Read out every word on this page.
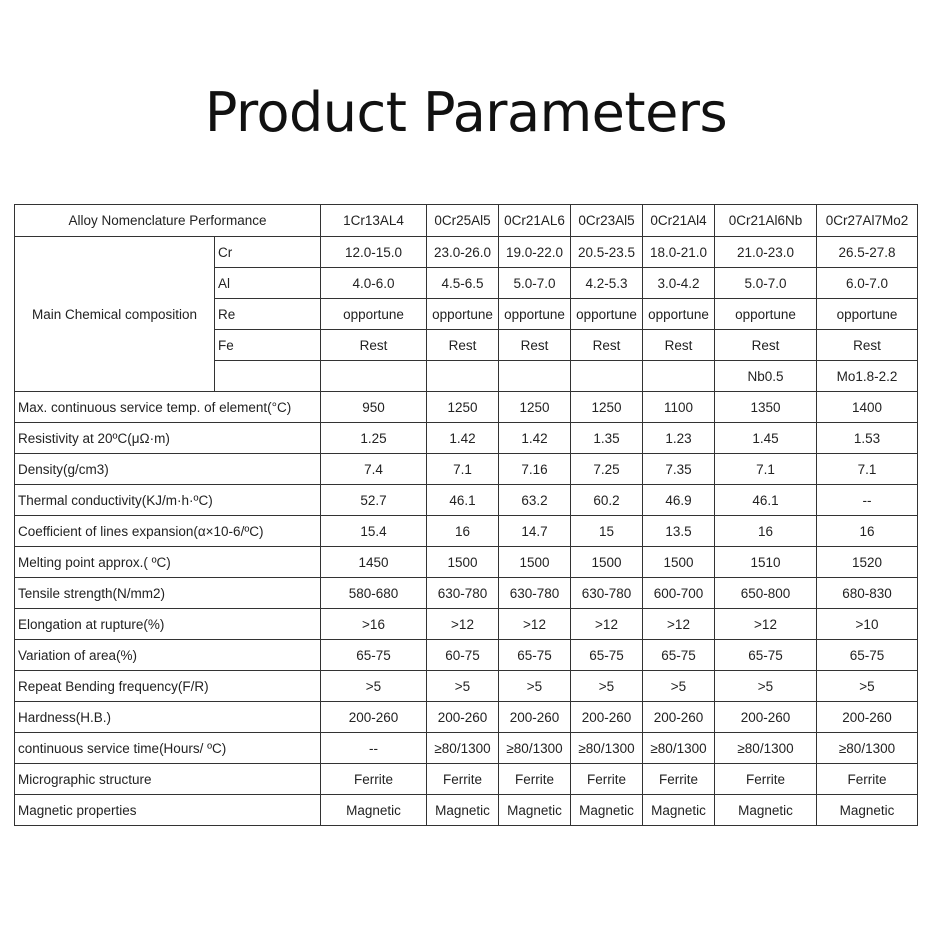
Product Parameters
Alloy Nomenclature Performance		1Cr13AL4	0Cr25Al5	0Cr21AL6	0Cr23Al5	0Cr21Al4	0Cr21Al6Nb	0Cr27Al7Mo2
Main Chemical composition	Cr	12.0-15.0	23.0-26.0	19.0-22.0	20.5-23.5	18.0-21.0	21.0-23.0	26.5-27.8
	Al	4.0-6.0	4.5-6.5	5.0-7.0	4.2-5.3	3.0-4.2	5.0-7.0	6.0-7.0
	Re	opportune	opportune	opportune	opportune	opportune	opportune	opportune
	Fe	Rest	Rest	Rest	Rest	Rest	Rest	Rest
							Nb0.5	Mo1.8-2.2
Max. continuous service temp. of element(°C)		950	1250	1250	1250	1100	1350	1400
Resistivity at 20ºC(μΩ·m)		1.25	1.42	1.42	1.35	1.23	1.45	1.53
Density(g/cm3)		7.4	7.1	7.16	7.25	7.35	7.1	7.1
Thermal conductivity(KJ/m·h·ºC)		52.7	46.1	63.2	60.2	46.9	46.1	--
Coefficient of lines expansion(α×10-6/ºC)		15.4	16	14.7	15	13.5	16	16
Melting point approx.( ºC)		1450	1500	1500	1500	1500	1510	1520
Tensile strength(N/mm2)		580-680	630-780	630-780	630-780	600-700	650-800	680-830
Elongation at rupture(%)		>16	>12	>12	>12	>12	>12	>10
Variation of area(%)		65-75	60-75	65-75	65-75	65-75	65-75	65-75
Repeat Bending frequency(F/R)		>5	>5	>5	>5	>5	>5	>5
Hardness(H.B.)		200-260	200-260	200-260	200-260	200-260	200-260	200-260
continuous service time(Hours/ ºC)		--	≥80/1300	≥80/1300	≥80/1300	≥80/1300	≥80/1300	≥80/1300
Micrographic structure		Ferrite	Ferrite	Ferrite	Ferrite	Ferrite	Ferrite	Ferrite
Magnetic properties		Magnetic	Magnetic	Magnetic	Magnetic	Magnetic	Magnetic	Magnetic
